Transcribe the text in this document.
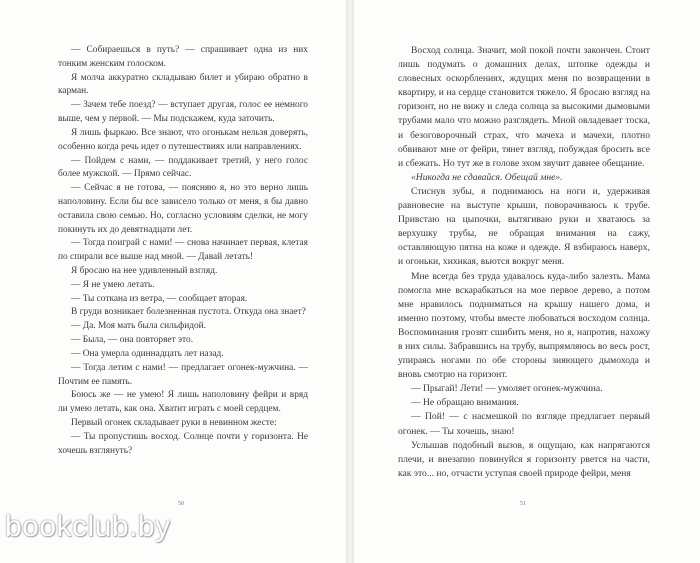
— Собираешься в путь? — спрашивает одна из них тонким женским голоском.

Я молча аккуратно складываю билет и убираю обратно в карман.

— Зачем тебе поезд? — вступает другая, голос ее немного выше, чем у первой. — Мы подскажем, куда заточить.

Я лишь фыркаю. Все знают, что огонькам нельзя доверять, особенно когда речь идет о путешествиях или направлениях.

— Пойдем с нами, — поддакивает третий, у него голос более мужской. — Прямо сейчас.

— Сейчас я не готова, — поясняю я, но это верно лишь наполовину. Если бы все зависело только от меня, я бы давно оставила свою семью. Но, согласно условиям сделки, не могу покинуть их до девятнадцати лет.

— Тогда поиграй с нами! — снова начинает первая, клетая по спирали все выше над мной. — Давай летать!

Я бросаю на нее удивленный взгляд.

— Я не умею летать.

— Ты соткана из ветра, — сообщает вторая.

В груди возникает болезненная пустота. Откуда она знает?

— Да. Моя мать была сильфидой.

— Была, — она повторяет это.

— Она умерла одиннадцать лет назад.

— Тогда летим с нами! — предлагает огонек-мужчина. — Почтим ее память.

Боюсь же — не умею! Я лишь наполовину фейри и вряд ли умею летать, как она. Хватит играть с моей сердцем.

Первый огонек складывает руки в невинном жесте:

— Ты пропустишь восход. Солнце почти у горизонта. Не хочешь взглянуть?

50

Восход солнца. Значит, мой покой почти закончен. Стоит лишь подумать о домашних делах, штопке одежды и словесных оскорблениях, ждущих меня по возвращении в квартиру, и на сердце становится тяжело. Я бросаю взгляд на горизонт, но не вижу и следа солнца за высокими дымовыми трубами мало что можно разглядеть. Мной овладевает тоска, и безоговорочный страх, что мачеха и мачехи, плотно обвивают мне от фейри, тянет взгляд, побуждая бросить все и сбежать. Но тут же в голове эхом звучит давнее обещание.

«Никогда не сдавайся. Обещай мне».

Стиснув зубы, я поднимаюсь на ноги и, удерживая равновесие на выступе крыши, поворачиваюсь к трубе. Привстаю на цыпочки, вытягиваю руки и хватаюсь за верхушку трубы, не обращая внимания на сажу, оставляющую пятна на коже и одежде. Я взбираюсь наверх, и огоньки, хихикая, вьются вокруг меня.

Мне всегда без труда удавалось куда-либо залезть. Мама помогла мне вскарабкаться на мое первое дерево, а потом мне нравилось подниматься на крышу нашего дома, и именно поэтому, чтобы вместе любоваться восходом солнца. Воспоминания грозят сшибить меня, но я, напротив, нахожу в них силы. Забравшись на трубу, выпрямляюсь во весь рост, упираясь ногами по обе стороны зияющего дымохода и вновь смотрю на горизонт.

— Прыгай! Лети! — умоляет огонек-мужчина.

— Не обращаю внимания.

— Пой! — с насмешкой по взгляде предлагает первый огонек. — Ты хочешь, знаю!

Услышав подобный вызов, я ощущаю, как напрягаются плечи, и внезапно повинуйся я горизонту рвется на части, как это... но, отчасти уступая своей природе фейри, меня

51
bookclub.by
